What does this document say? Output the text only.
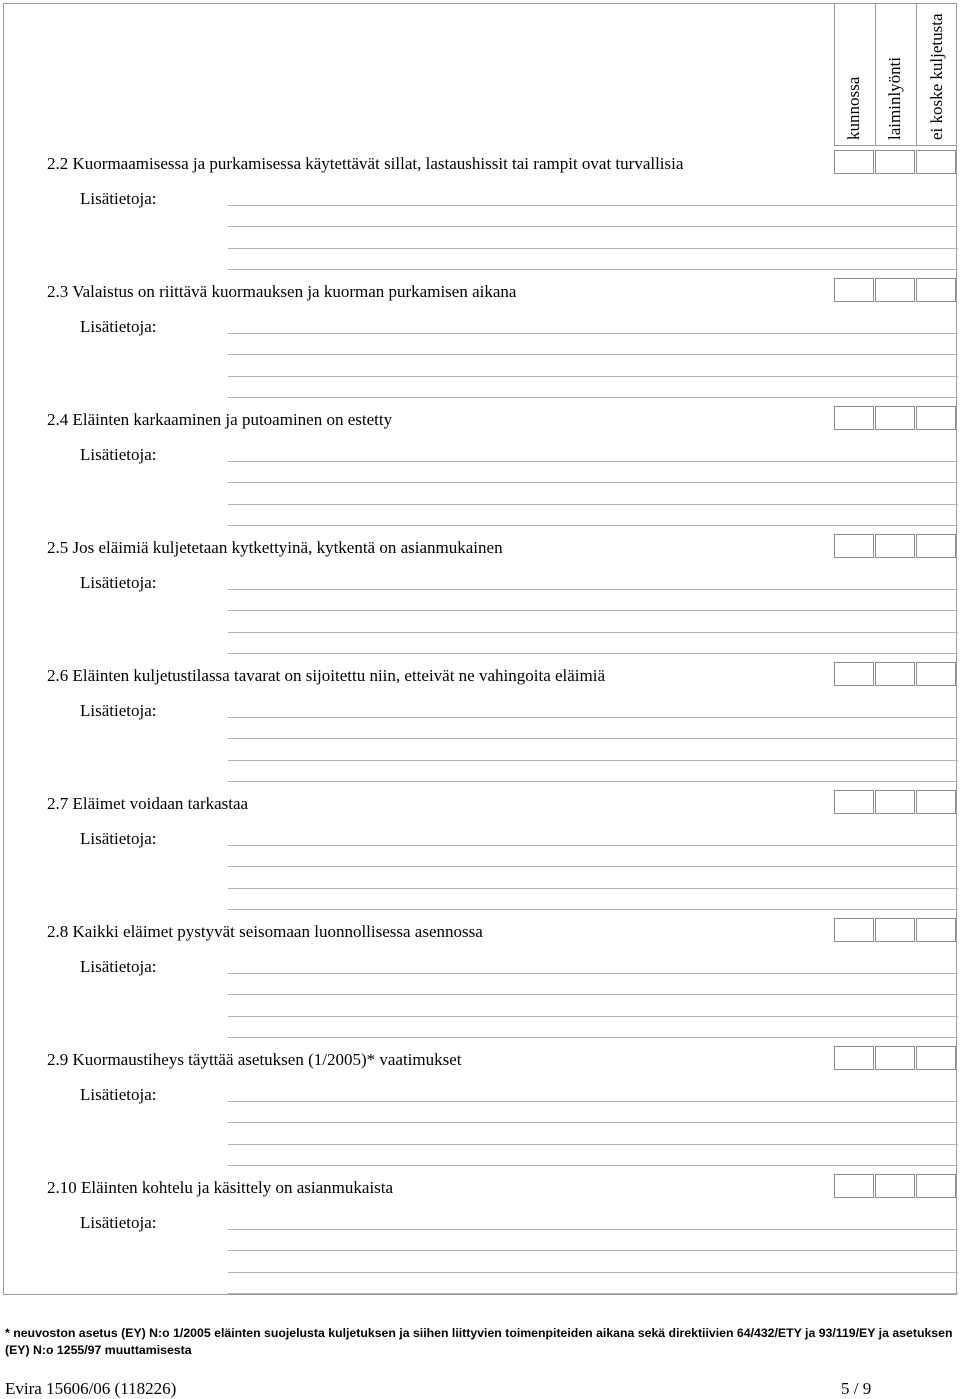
kunnossa laiminlyönti ei koske kuljetusta
2.2 Kuormaamisessa ja purkamisessa käytettävät sillat, lastaushissit tai rampit ovat turvallisia
Lisätietoja:
2.3 Valaistus on riittävä kuormauksen ja kuorman purkamisen aikana
Lisätietoja:
2.4 Eläinten karkaaminen ja putoaminen on estetty
Lisätietoja:
2.5 Jos eläimiä kuljetetaan kytkettyinä, kytkentä on asianmukainen
Lisätietoja:
2.6 Eläinten kuljetustilassa tavarat on sijoitettu niin, etteivät ne vahingoita eläimiä
Lisätietoja:
2.7 Eläimet voidaan tarkastaa
Lisätietoja:
2.8 Kaikki eläimet pystyvät seisomaan luonnollisessa asennossa
Lisätietoja:
2.9 Kuormaustiheys täyttää asetuksen (1/2005)* vaatimukset
Lisätietoja:
2.10 Eläinten kohtelu ja käsittely on asianmukaista
Lisätietoja:
* neuvoston asetus (EY) N:o 1/2005 eläinten suojelusta kuljetuksen ja siihen liittyvien toimenpiteiden aikana sekä direktiivien 64/432/ETY ja 93/119/EY ja asetuksen (EY) N:o 1255/97 muuttamisesta
Evira 15606/06 (118226)	5 / 9
